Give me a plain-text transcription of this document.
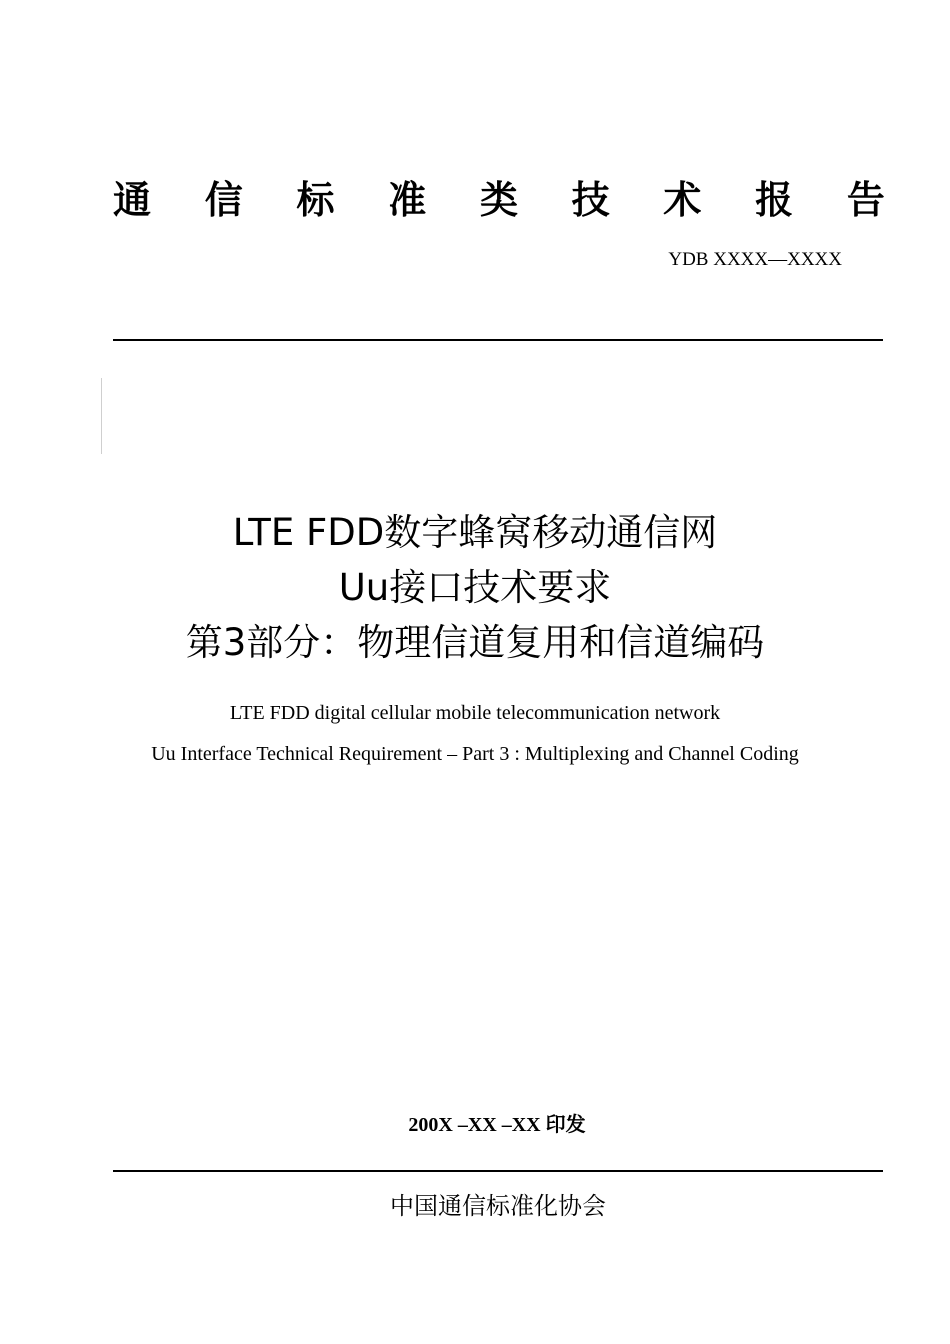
通 信 标 准 类 技 术 报 告
YDB XXXX—XXXX
LTE FDD数字蜂窝移动通信网
Uu接口技术要求
第3部分：物理信道复用和信道编码
LTE FDD digital cellular mobile telecommunication network
Uu Interface Technical Requirement – Part 3 : Multiplexing and Channel Coding
200X –XX –XX 印发
中国通信标准化协会
